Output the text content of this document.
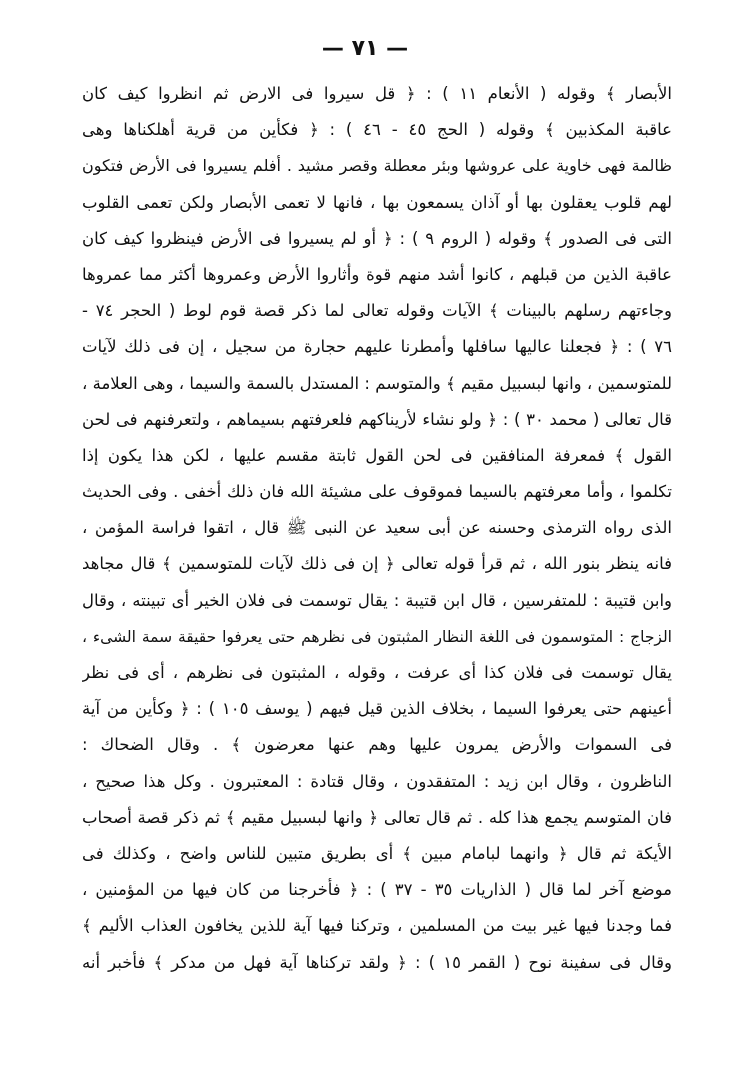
— ٧١ —
الأبصار ﴾ وقوله ( الأنعام ١١ ) : ﴿ قل سيروا فى الارض ثم انظروا كيف كان
عاقبة المكذبين ﴾ وقوله ( الحج ٤٥ - ٤٦ ) : ﴿ فكأين من قرية أهلكناها وهى
ظالمة فهى خاوية على عروشها وبئر معطلة وقصر مشيد . أفلم يسيروا فى الأرض فتكون
لهم قلوب يعقلون بها أو آذان يسمعون بها ، فانها لا تعمى الأبصار ولكن تعمى القلوب
التى فى الصدور ﴾ وقوله ( الروم ٩ ) : ﴿ أو لم يسيروا فى الأرض فينظروا كيف كان
عاقبة الذين من قبلهم ، كانوا أشد منهم قوة وأثاروا الأرض وعمروها أكثر مما عمروها
وجاءتهم رسلهم بالبينات ﴾ الآيات وقوله تعالى لما ذكر قصة قوم لوط ( الحجر ٧٤ -
٧٦ ) : ﴿ فجعلنا عاليها سافلها وأمطرنا عليهم حجارة من سجيل ، إن فى ذلك لآيات
للمتوسمين ، وانها لبسبيل مقيم ﴾ والمتوسم : المستدل بالسمة والسيما ، وهى العلامة ،
قال تعالى ( محمد ٣٠ ) : ﴿ ولو نشاء لأريناكهم فلعرفتهم بسيماهم ، ولتعرفنهم فى لحن
القول ﴾ فمعرفة المنافقين فى لحن القول ثابتة مقسم عليها ، لكن هذا يكون إذا
تكلموا ، وأما معرفتهم بالسيما فموقوف على مشيئة الله فان ذلك أخفى . وفى الحديث
الذى رواه الترمذى وحسنه عن أبى سعيد عن النبى ﷺ قال ، اتقوا فراسة المؤمن ،
فانه ينظر بنور الله ، ثم قرأ قوله تعالى ﴿ إن فى ذلك لآيات للمتوسمين ﴾ قال مجاهد
وابن قتيبة : للمتفرسين ، قال ابن قتيبة : يقال توسمت فى فلان الخير أى تبينته ، وقال
الزجاج : المتوسمون فى اللغة النظار المثبتون فى نظرهم حتى يعرفوا حقيقة سمة الشىء ،
يقال توسمت فى فلان كذا أى عرفت ، وقوله ، المثبتون فى نظرهم ، أى فى نظر
أعينهم حتى يعرفوا السيما ، بخلاف الذين قيل فيهم ( يوسف ١٠٥ ) : ﴿ وكأين من آية
فى السموات والأرض يمرون عليها وهم عنها معرضون ﴾ . وقال الضحاك :
الناظرون ، وقال ابن زيد : المتفقدون ، وقال قتادة : المعتبرون . وكل هذا صحيح ،
فان المتوسم يجمع هذا كله . ثم قال تعالى ﴿ وانها لبسبيل مقيم ﴾ ثم ذكر قصة أصحاب
الأيكة ثم قال ﴿ وانهما لبامام مبين ﴾ أى بطريق متبين للناس واضح ، وكذلك فى
موضع آخر لما قال ( الذاريات ٣٥ - ٣٧ ) : ﴿ فأخرجنا من كان فيها من المؤمنين ،
فما وجدنا فيها غير بيت من المسلمين ، وتركنا فيها آية للذين يخافون العذاب الأليم ﴾
وقال فى سفينة نوح ( القمر ١٥ ) : ﴿ ولقد تركناها آية فهل من مدكر ﴾ فأخبر أنه
